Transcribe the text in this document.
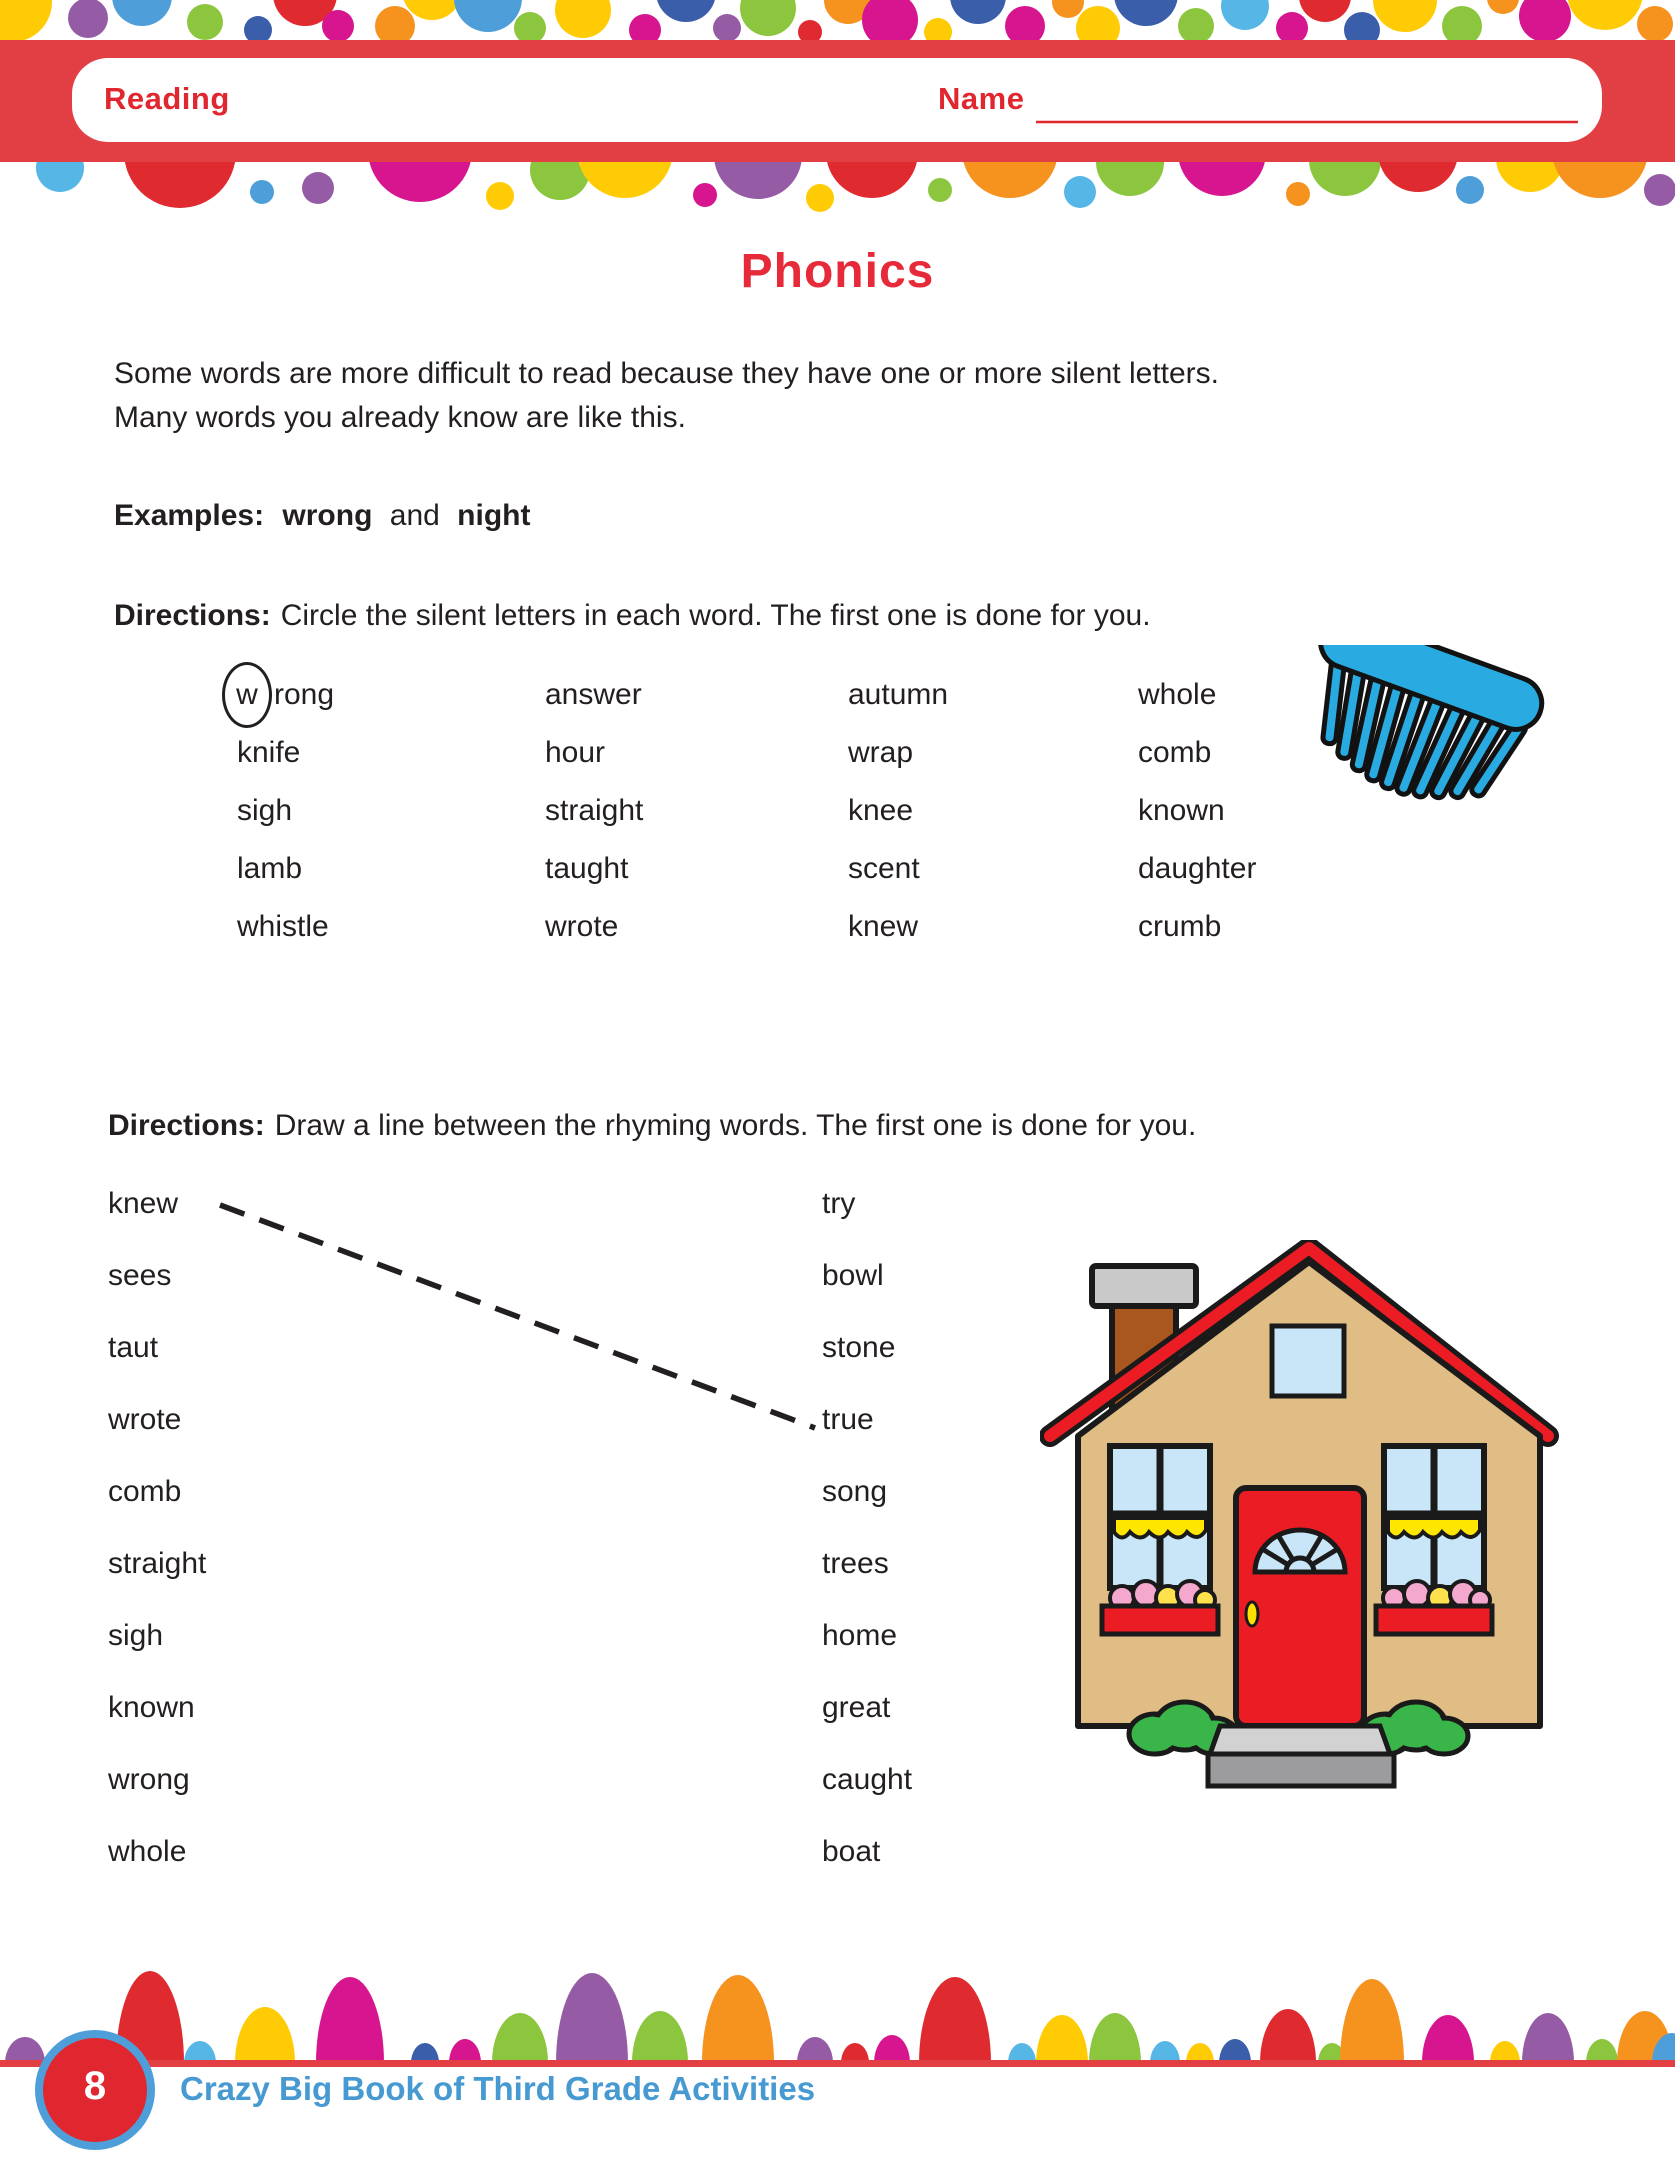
Reading	Name
Phonics
Some words are more difficult to read because they have one or more silent letters.
Many words you already know are like this.
Examples: wrong and night
Directions: Circle the silent letters in each word. The first one is done for you.
w rong
knife
sigh
lamb
whistle
answer
hour
straight
taught
wrote
autumn
wrap
knee
scent
knew
whole
comb
known
daughter
crumb
Directions: Draw a line between the rhyming words. The first one is done for you.
knew
sees
taut
wrote
comb
straight
sigh
known
wrong
whole
try
bowl
stone
true
song
trees
home
great
caught
boat
8	Crazy Big Book of Third Grade Activities
